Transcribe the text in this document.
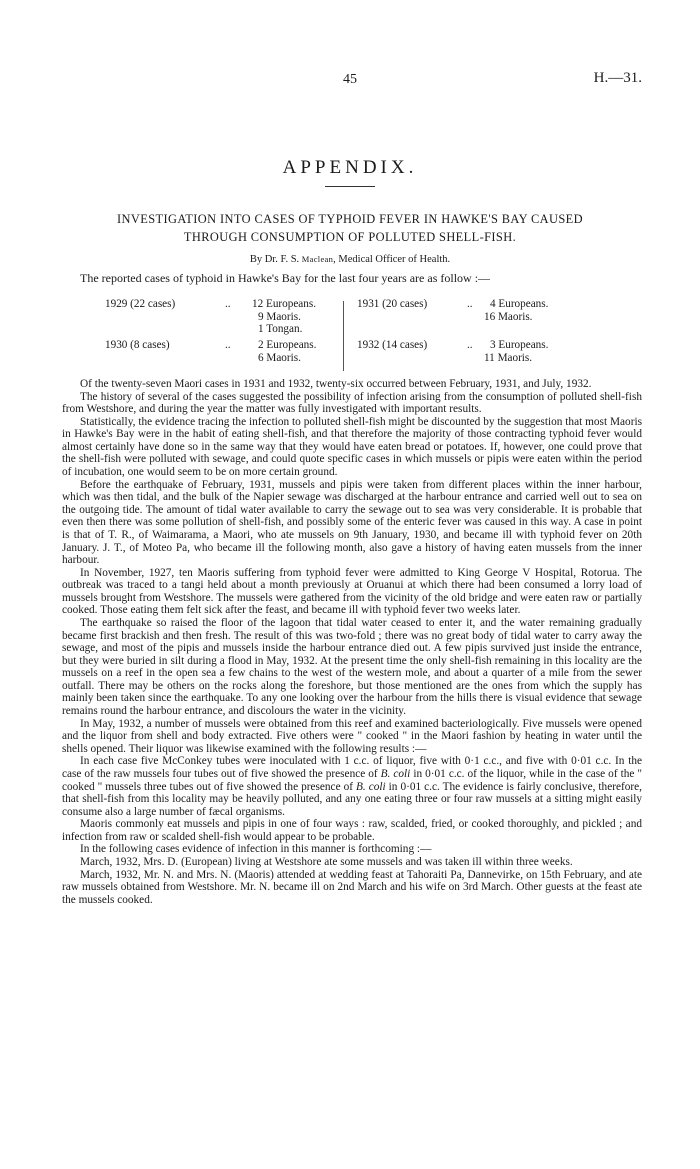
45	H.—31.
APPENDIX.
INVESTIGATION INTO CASES OF TYPHOID FEVER IN HAWKE'S BAY CAUSED
THROUGH CONSUMPTION OF POLLUTED SHELL-FISH.
By Dr. F. S. Maclean, Medical Officer of Health.
The reported cases of typhoid in Hawke's Bay for the last four years are as follow :—
1929 (22 cases)	.. 12 Europeans.
9 Maoris.
1 Tongan.
1930 (8 cases)	.. 2 Europeans.
6 Maoris.
1931 (20 cases)	..	4 Europeans.
16 Maoris.
1932 (14 cases)	..	3 Europeans.
11 Maoris.

Of the twenty-seven Maori cases in 1931 and 1932, twenty-six occurred between February, 1931, and July, 1932.

The history of several of the cases suggested the possibility of infection arising from the consumption of polluted shell-fish from Westshore, and during the year the matter was fully investigated with important results.

Statistically, the evidence tracing the infection to polluted shell-fish might be discounted by the suggestion that most Maoris in Hawke's Bay were in the habit of eating shell-fish, and that therefore the majority of those contracting typhoid fever would almost certainly have done so in the same way that they would have eaten bread or potatoes. If, however, one could prove that the shell-fish were polluted with sewage, and could quote specific cases in which mussels or pipis were eaten within the period of incubation, one would seem to be on more certain ground.

Before the earthquake of February, 1931, mussels and pipis were taken from different places within the inner harbour, which was then tidal, and the bulk of the Napier sewage was discharged at the harbour entrance and carried well out to sea on the outgoing tide. The amount of tidal water available to carry the sewage out to sea was very considerable. It is probable that even then there was some pollution of shell-fish, and possibly some of the enteric fever was caused in this way. A case in point is that of T. R., of Waimarama, a Maori, who ate mussels on 9th January, 1930, and became ill with typhoid fever on 20th January. J. T., of Moteo Pa, who became ill the following month, also gave a history of having eaten mussels from the inner harbour.

In November, 1927, ten Maoris suffering from typhoid fever were admitted to King George V Hospital, Rotorua. The outbreak was traced to a tangi held about a month previously at Oruanui at which there had been consumed a lorry load of mussels brought from Westshore. The mussels were gathered from the vicinity of the old bridge and were eaten raw or partially cooked. Those eating them felt sick after the feast, and became ill with typhoid fever two weeks later.

The earthquake so raised the floor of the lagoon that tidal water ceased to enter it, and the water remaining gradually became first brackish and then fresh. The result of this was two-fold ; there was no great body of tidal water to carry away the sewage, and most of the pipis and mussels inside the harbour entrance died out. A few pipis survived just inside the entrance, but they were buried in silt during a flood in May, 1932. At the present time the only shell-fish remaining in this locality are the mussels on a reef in the open sea a few chains to the west of the western mole, and about a quarter of a mile from the sewer outfall. There may be others on the rocks along the foreshore, but those mentioned are the ones from which the supply has mainly been taken since the earthquake. To any one looking over the harbour from the hills there is visual evidence that sewage remains round the harbour entrance, and discolours the water in the vicinity.

In May, 1932, a number of mussels were obtained from this reef and examined bacteriologically. Five mussels were opened and the liquor from shell and body extracted. Five others were " cooked " in the Maori fashion by heating in water until the shells opened. Their liquor was likewise examined with the following results :—

In each case five McConkey tubes were inoculated with 1 c.c. of liquor, five with 0·1 c.c., and five with 0·01 c.c. In the case of the raw mussels four tubes out of five showed the presence of B. coli in 0·01 c.c. of the liquor, while in the case of the " cooked " mussels three tubes out of five showed the presence of B. coli in 0·01 c.c. The evidence is fairly conclusive, therefore, that shell-fish from this locality may be heavily polluted, and any one eating three or four raw mussels at a sitting might easily consume also a large number of fæcal organisms.

Maoris commonly eat mussels and pipis in one of four ways : raw, scalded, fried, or cooked thoroughly, and pickled ; and infection from raw or scalded shell-fish would appear to be probable.

In the following cases evidence of infection in this manner is forthcoming :—

March, 1932, Mrs. D. (European) living at Westshore ate some mussels and was taken ill within three weeks.

March, 1932, Mr. N. and Mrs. N. (Maoris) attended at wedding feast at Tahoraiti Pa, Dannevirke, on 15th February, and ate raw mussels obtained from Westshore. Mr. N. became ill on 2nd March and his wife on 3rd March. Other guests at the feast ate the mussels cooked.
